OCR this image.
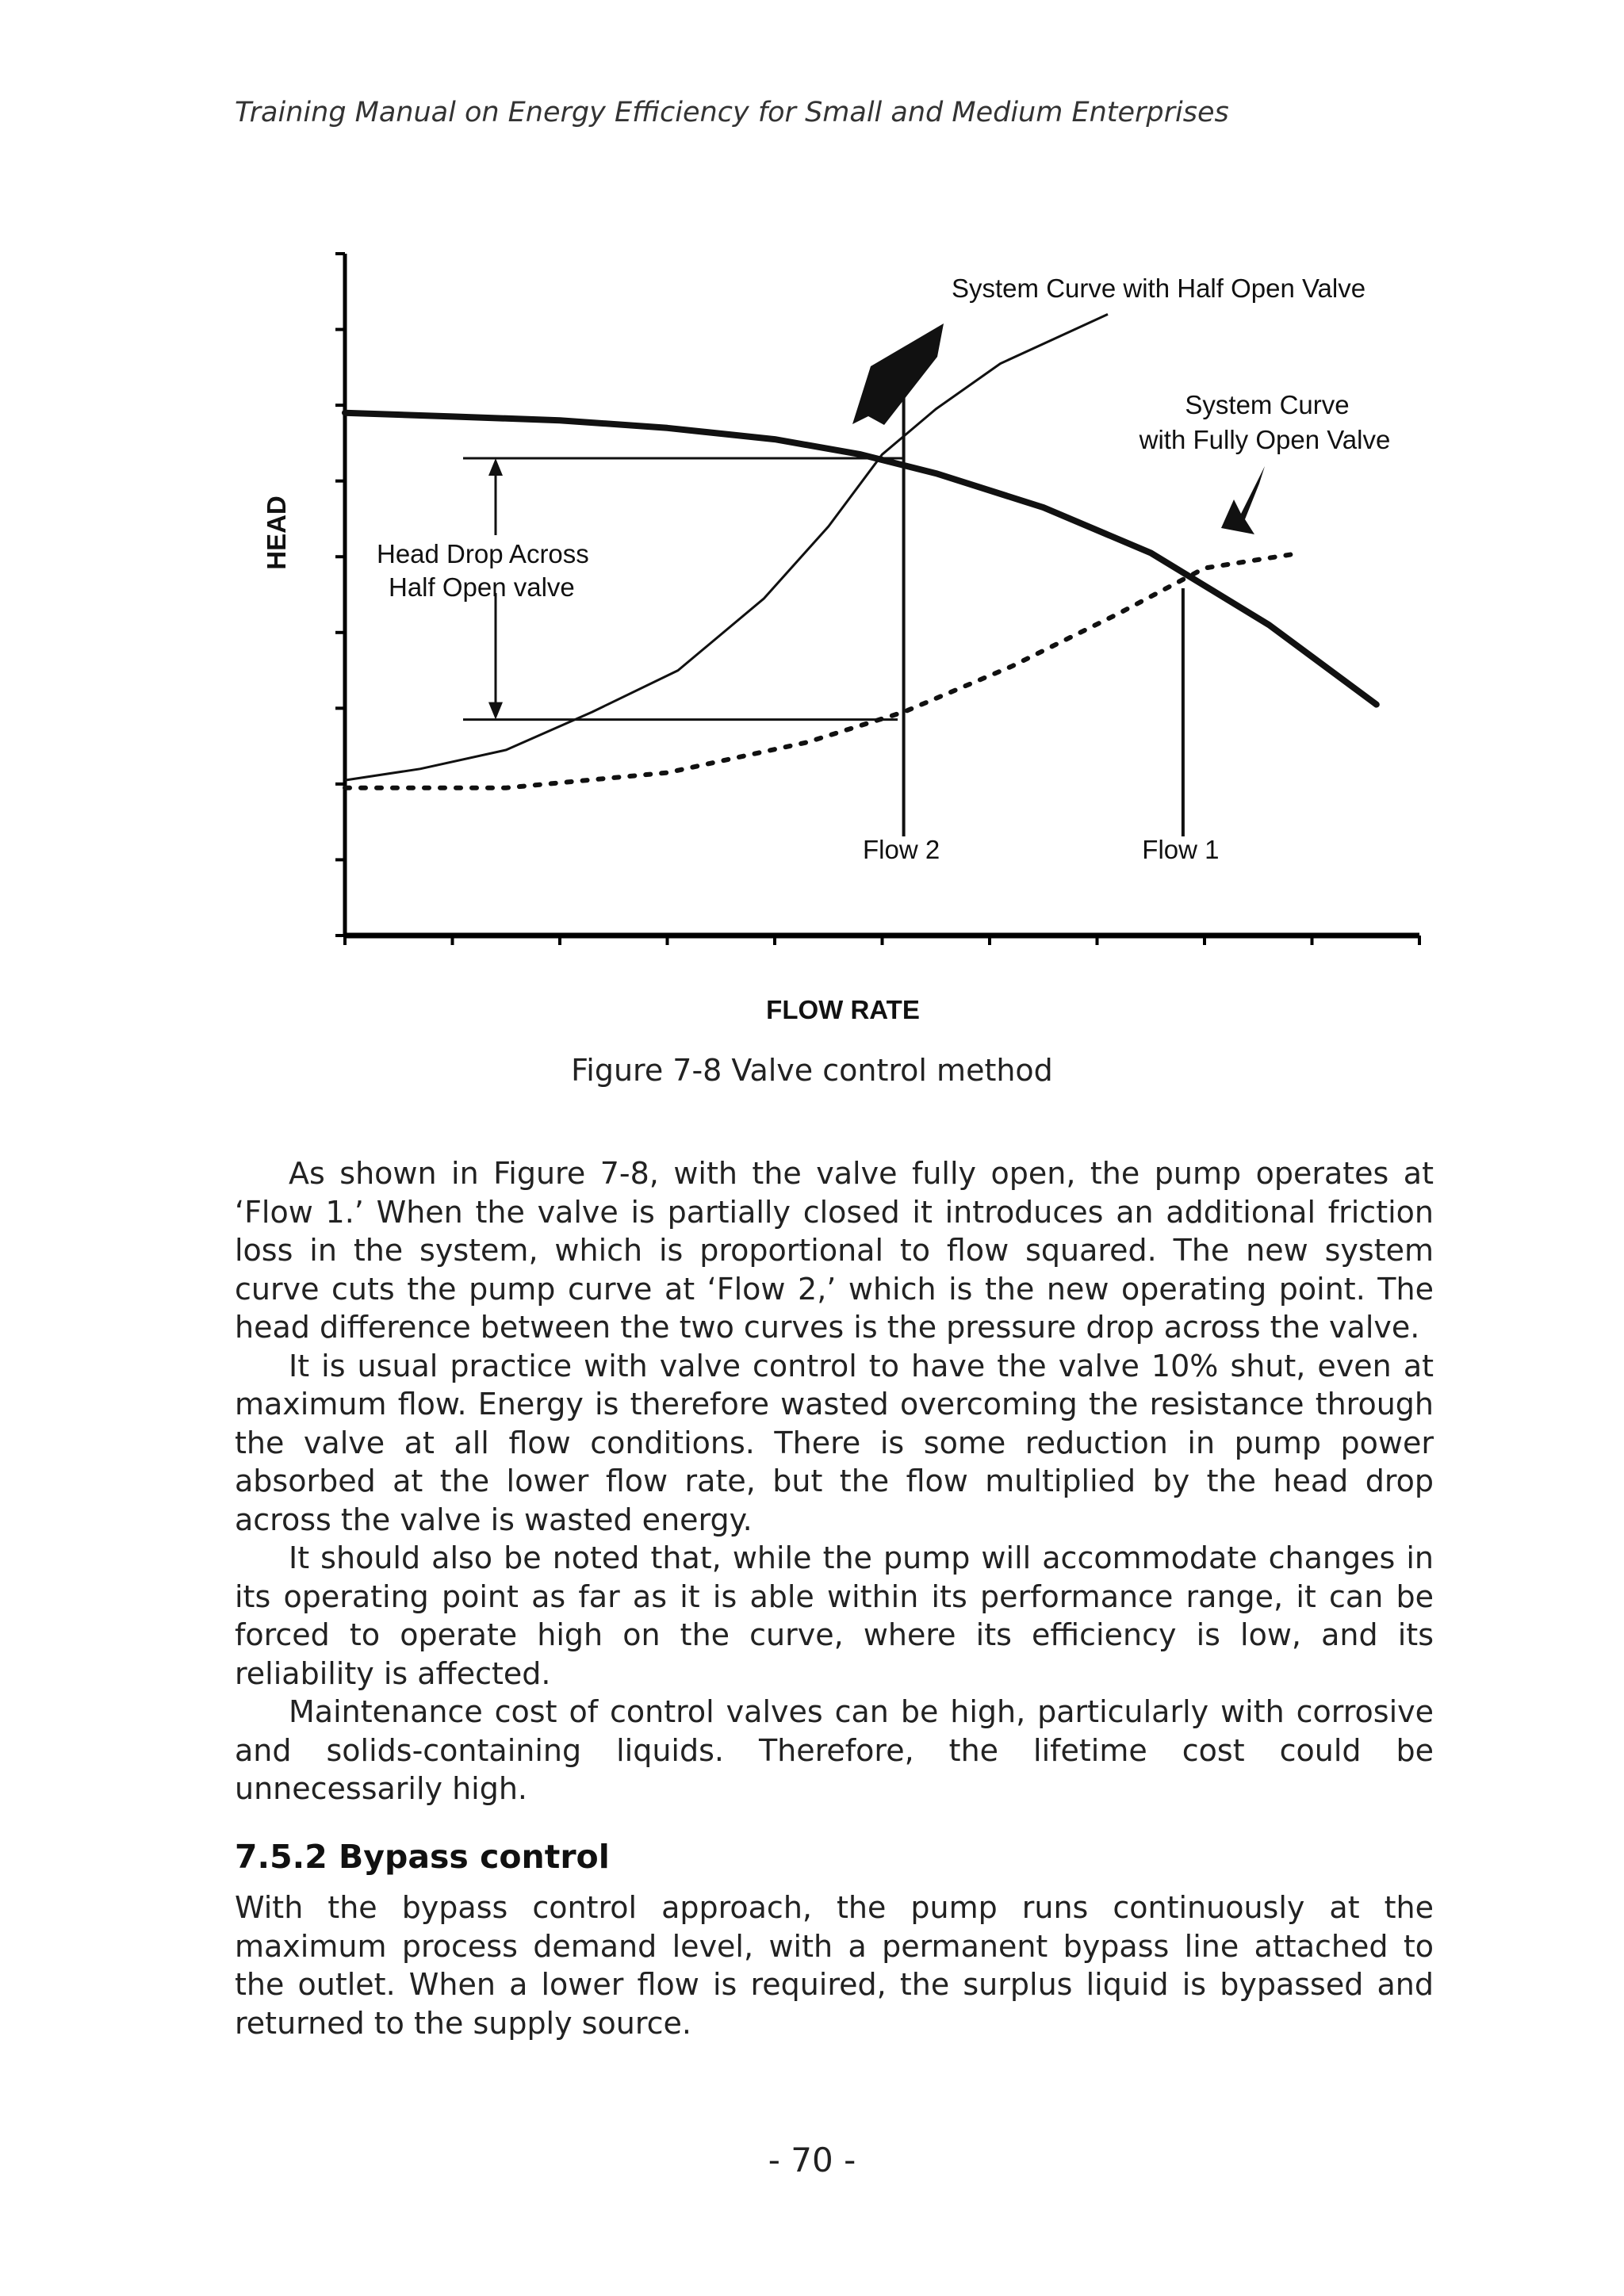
Training Manual on Energy Efficiency for Small and Medium Enterprises
System Curve with Half Open Valve
System Curve
with Fully Open Valve
Head Drop Across
Half Open valve
Flow 2	Flow 1
HEAD
FLOW RATE
Figure 7-8 Valve control method

As shown in Figure 7-8, with the valve fully open, the pump operates at ‘Flow 1.’ When the valve is partially closed it introduces an additional friction loss in the system, which is proportional to flow squared. The new system curve cuts the pump curve at ‘Flow 2,’ which is the new operating point. The head difference between the two curves is the pressure drop across the valve.

It is usual practice with valve control to have the valve 10% shut, even at maximum flow. Energy is therefore wasted overcoming the resistance through the valve at all flow conditions. There is some reduction in pump power absorbed at the lower flow rate, but the flow multiplied by the head drop across the valve is wasted energy.

It should also be noted that, while the pump will accommodate changes in its operating point as far as it is able within its performance range, it can be forced to operate high on the curve, where its efficiency is low, and its reliability is affected.

Maintenance cost of control valves can be high, particularly with corrosive and solids-containing liquids. Therefore, the lifetime cost could be unnecessarily high.

7.5.2 Bypass control

With the bypass control approach, the pump runs continuously at the maximum process demand level, with a permanent bypass line attached to the outlet. When a lower flow is required, the surplus liquid is bypassed and returned to the supply source.

- 70 -
